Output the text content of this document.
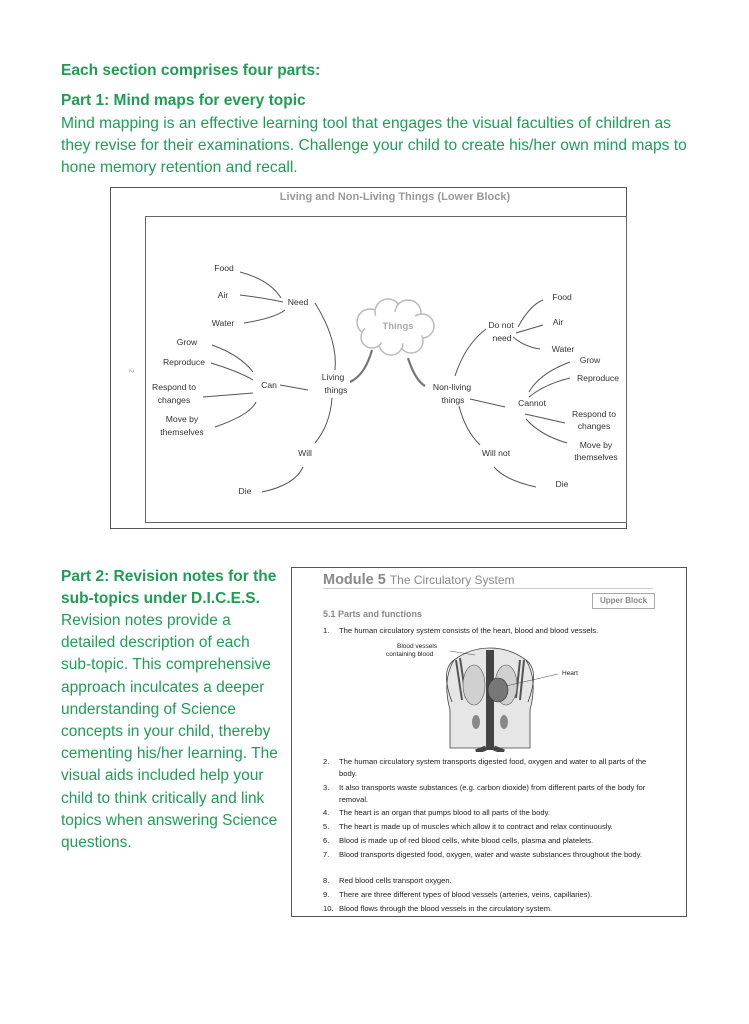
Each section comprises four parts:
Part 1: Mind maps for every topic
Mind mapping is an effective learning tool that engages the visual faculties of children as they revise for their examinations. Challenge your child to create his/her own mind maps to hone memory retention and recall.
Living and Non-Living Things (Lower Block)
2
Things
Living
things
Need
Food
Air
Water
Can
Grow
Reproduce
Respond to
changes
Move by
themselves
Will
Die
Non-living
things
Do not
need
Food
Air
Water
Cannot
Grow
Reproduce
Respond to
changes
Move by
themselves
Will not
Die
Part 2: Revision notes for the sub-topics under D.I.C.E.S.
Revision notes provide a detailed description of each sub-topic. This comprehensive approach inculcates a deeper understanding of Science concepts in your child, thereby cementing his/her learning. The visual aids included help your child to think critically and link topics when answering Science questions.
Module 5 The Circulatory System
Upper Block
5.1 Parts and functions
1.	The human circulatory system consists of the heart, blood and blood vessels.
Blood vessels
containing blood
Heart
2.	The human circulatory system transports digested food, oxygen and water to all parts of the body.
3.	It also transports waste substances (e.g. carbon dioxide) from different parts of the body for removal.
4.	The heart is an organ that pumps blood to all parts of the body.
5.	The heart is made up of muscles which allow it to contract and relax continuously.
6.	Blood is made up of red blood cells, white blood cells, plasma and platelets.
7.	Blood transports digested food, oxygen, water and waste substances throughout the body.
8.	Red blood cells transport oxygen.
9.	There are three different types of blood vessels (arteries, veins, capillaries).
10. Blood flows through the blood vessels in the circulatory system.
